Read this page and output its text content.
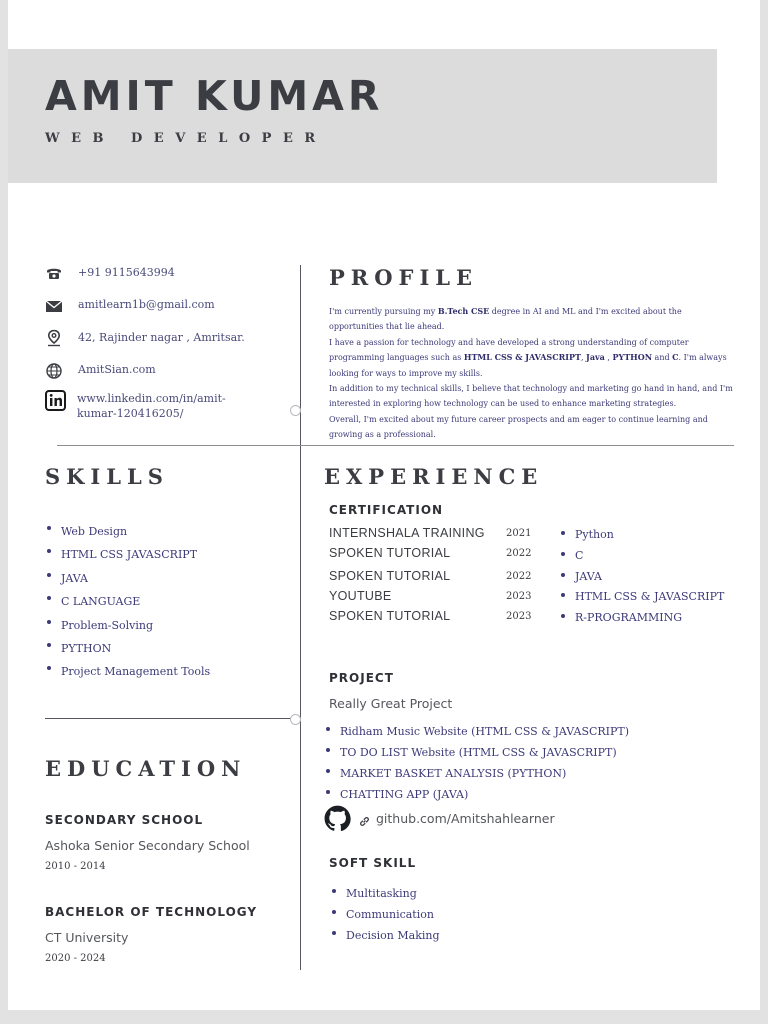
AMIT KUMAR
WEB DEVELOPER
+91 9115643994
amitlearn1b@gmail.com
42, Rajinder nagar , Amritsar.
AmitSian.com
www.linkedin.com/in/amit-
kumar-120416205/
PROFILE

I'm currently pursuing my B.Tech CSE degree in AI and ML and I'm excited about the opportunities that lie ahead.

I have a passion for technology and have developed a strong understanding of computer programming languages such as HTML CSS & JAVASCRIPT, Java , PYTHON and C. I'm always looking for ways to improve my skills.

In addition to my technical skills, I believe that technology and marketing go hand in hand, and I'm interested in exploring how technology can be used to enhance marketing strategies.

Overall, I'm excited about my future career prospects and am eager to continue learning and growing as a professional.

SKILLS
Web Design
HTML CSS JAVASCRIPT
JAVA
C LANGUAGE
Problem-Solving
PYTHON
Project Management Tools
EDUCATION
SECONDARY SCHOOL
Ashoka Senior Secondary School
2010 - 2014
BACHELOR OF TECHNOLOGY
CT University
2020 - 2024
EXPERIENCE
CERTIFICATION
INTERNSHALA TRAINING 2021
SPOKEN TUTORIAL	2022
SPOKEN TUTORIAL	2022
YOUTUBE	2023
SPOKEN TUTORIAL	2023
Python
C
JAVA
HTML CSS & JAVASCRIPT
R-PROGRAMMING
PROJECT
Really Great Project
Ridham Music Website (HTML CSS & JAVASCRIPT)
TO DO LIST Website (HTML CSS & JAVASCRIPT)
MARKET BASKET ANALYSIS (PYTHON)
CHATTING APP (JAVA)
github.com/Amitshahlearner
SOFT SKILL
Multitasking
Communication
Decision Making
